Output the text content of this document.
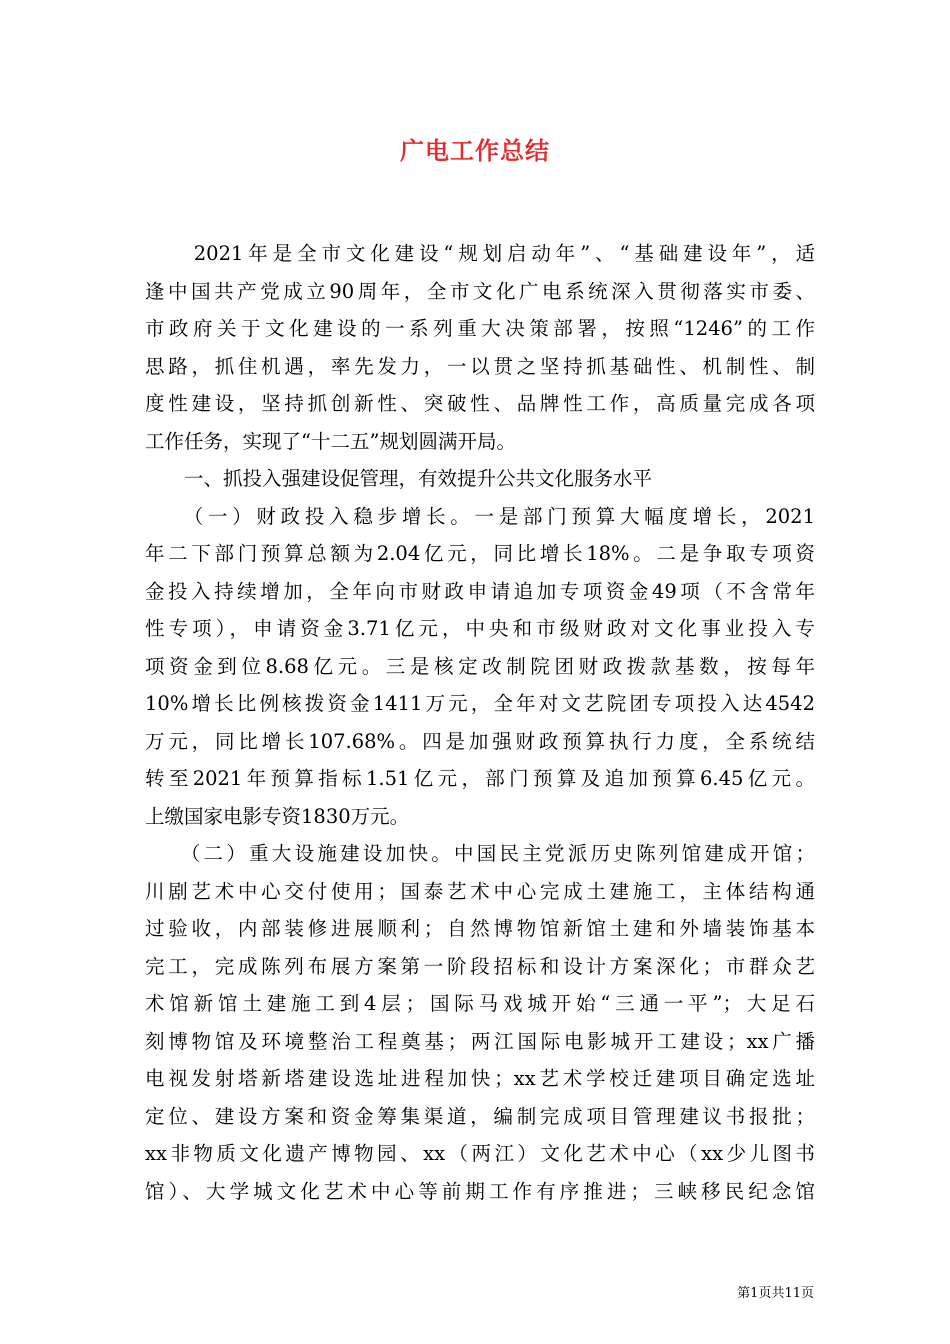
广电工作总结
　　2021年是全市文化建设“规划启动年”、“基础建设年”，适
逢中国共产党成立90周年，全市文化广电系统深入贯彻落实市委、
市政府关于文化建设的一系列重大决策部署，按照“1246”的工作
思路，抓住机遇，率先发力，一以贯之坚持抓基础性、机制性、制
度性建设，坚持抓创新性、突破性、品牌性工作，高质量完成各项
工作任务，实现了“十二五”规划圆满开局。
　　一、抓投入强建设促管理，有效提升公共文化服务水平
　　（一）财政投入稳步增长。一是部门预算大幅度增长，2021
年二下部门预算总额为2.04亿元，同比增长18%。二是争取专项资
金投入持续增加，全年向市财政申请追加专项资金49项（不含常年
性专项），申请资金3.71亿元，中央和市级财政对文化事业投入专
项资金到位8.68亿元。三是核定改制院团财政拨款基数，按每年
10%增长比例核拨资金1411万元，全年对文艺院团专项投入达4542
万元，同比增长107.68%。四是加强财政预算执行力度，全系统结
转至2021年预算指标1.51亿元，部门预算及追加预算6.45亿元。
上缴国家电影专资1830万元。
　　（二）重大设施建设加快。中国民主党派历史陈列馆建成开馆；
川剧艺术中心交付使用；国泰艺术中心完成土建施工，主体结构通
过验收，内部装修进展顺利；自然博物馆新馆土建和外墙装饰基本
完工，完成陈列布展方案第一阶段招标和设计方案深化；市群众艺
术馆新馆土建施工到4层；国际马戏城开始“三通一平”；大足石
刻博物馆及环境整治工程奠基；两江国际电影城开工建设；xx广播
电视发射塔新塔建设选址进程加快；xx艺术学校迁建项目确定选址
定位、建设方案和资金筹集渠道，编制完成项目管理建议书报批；
xx非物质文化遗产博物园、xx（两江）文化艺术中心（xx少儿图书
馆）、大学城文化艺术中心等前期工作有序推进；三峡移民纪念馆
第1页共11页
